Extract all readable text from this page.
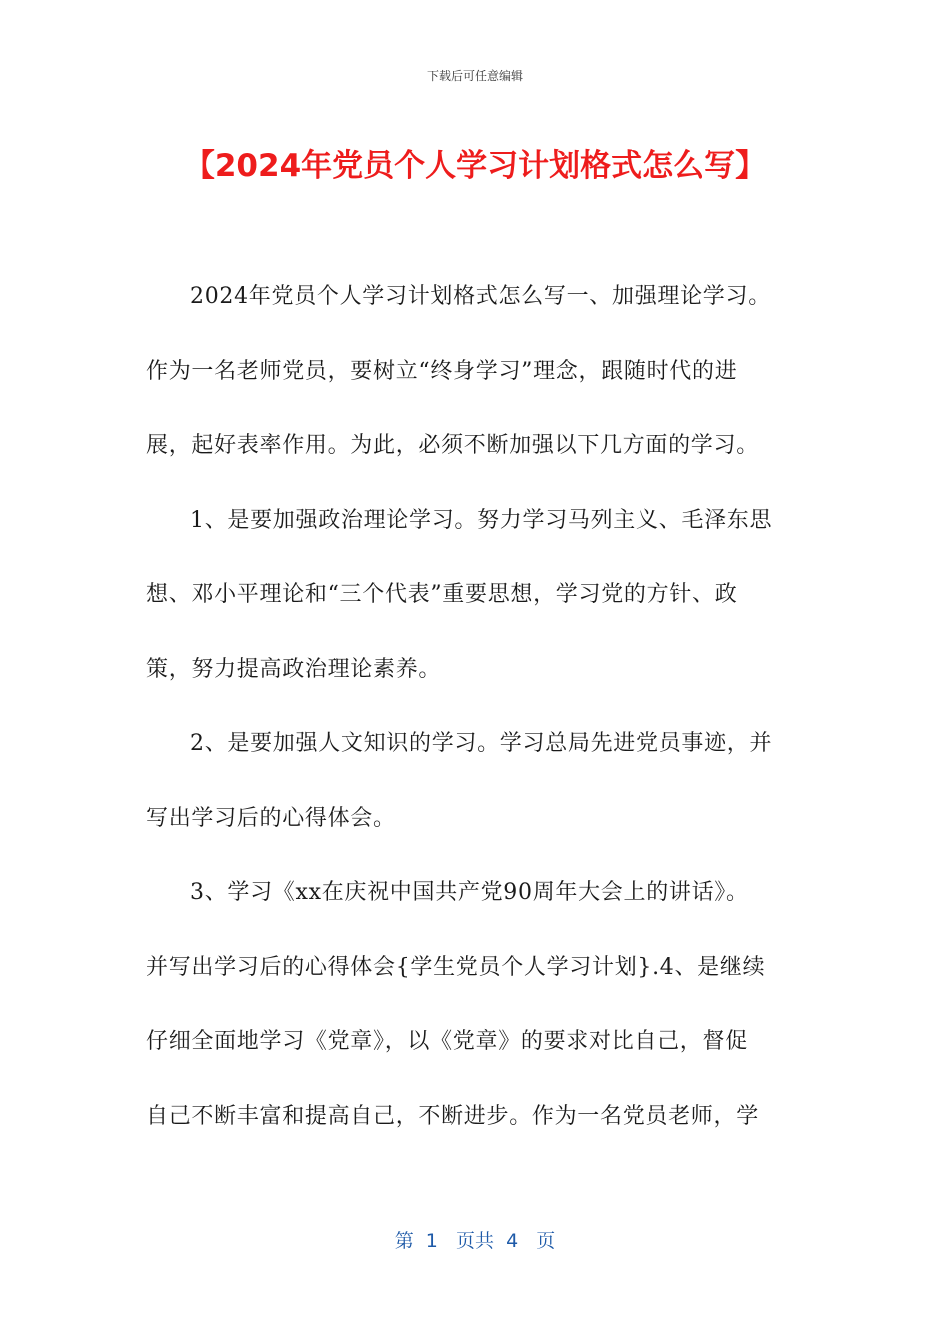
下载后可任意编辑
【2024年党员个人学习计划格式怎么写】
2024年党员个人学习计划格式怎么写一、加强理论学习。
作为一名老师党员，要树立“终身学习”理念，跟随时代的进
展，起好表率作用。为此，必须不断加强以下几方面的学习。
1、是要加强政治理论学习。努力学习马列主义、毛泽东思
想、邓小平理论和“三个代表”重要思想，学习党的方针、政
策，努力提高政治理论素养。
2、是要加强人文知识的学习。学习总局先进党员事迹，并
写出学习后的心得体会。
3、学习《xx在庆祝中国共产党90周年大会上的讲话》。
并写出学习后的心得体会{学生党员个人学习计划}.4、是继续
仔细全面地学习《党章》，以《党章》的要求对比自己，督促
自己不断丰富和提高自己，不断进步。作为一名党员老师，学
第  1   页共  4   页
